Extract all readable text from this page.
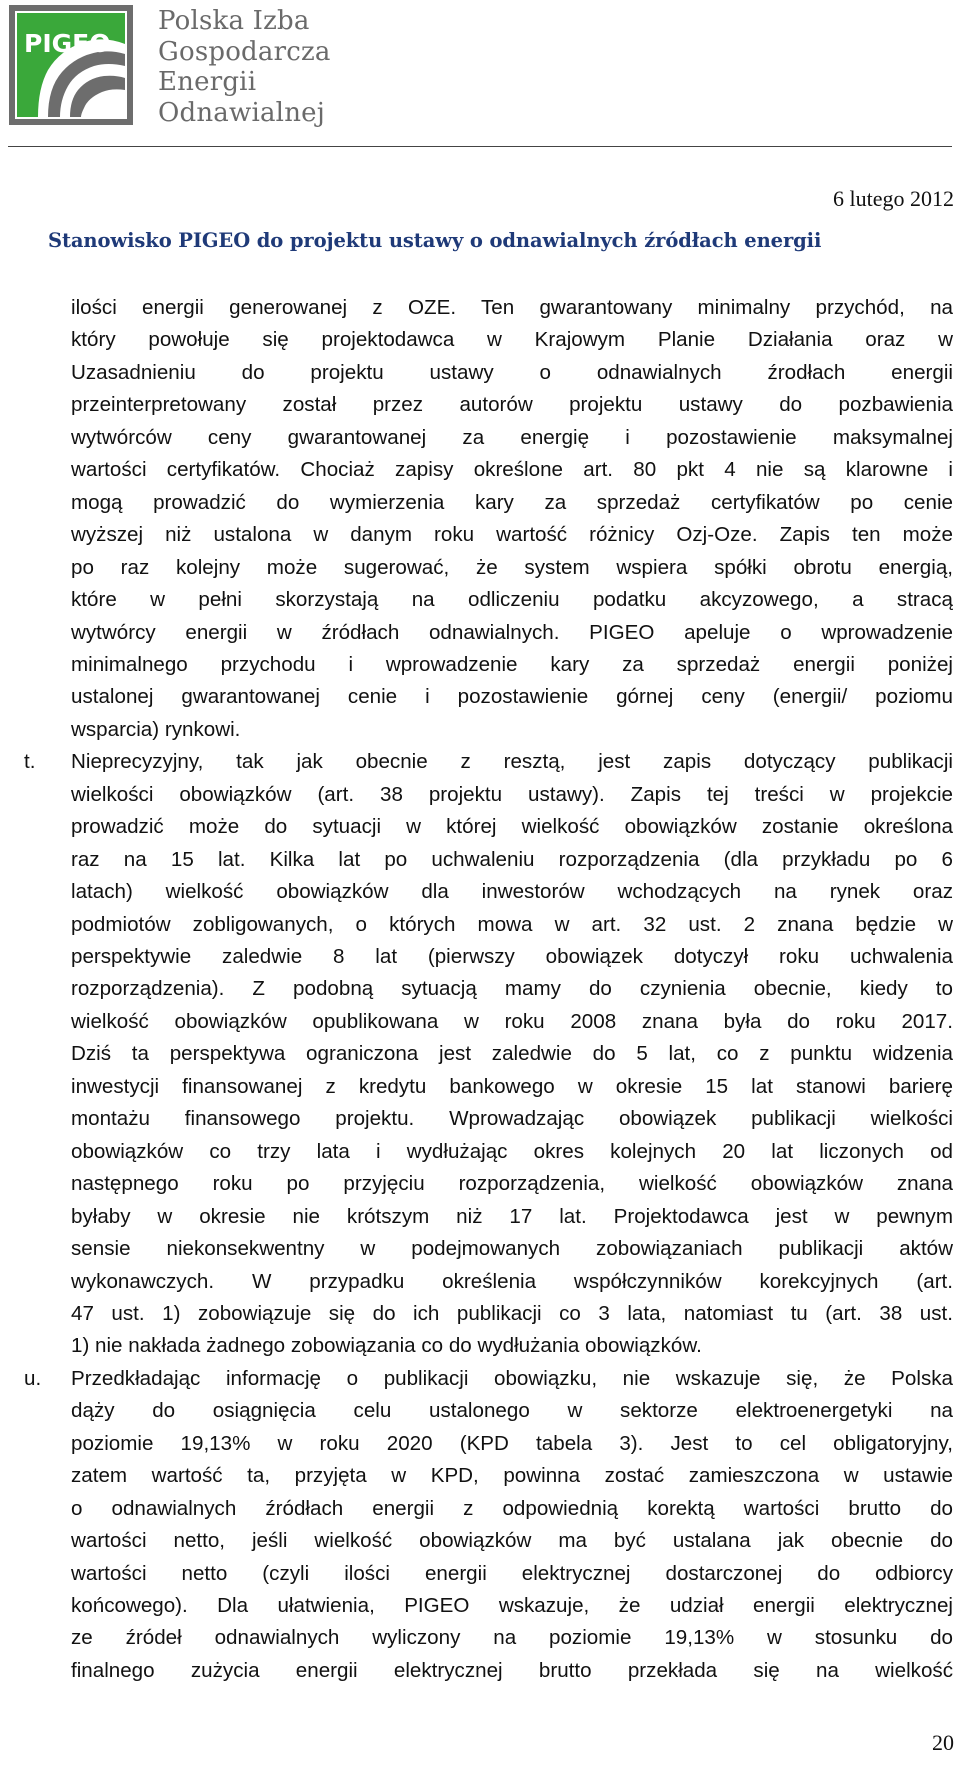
PIGEO
Polska Izba
Gospodarcza
Energii
Odnawialnej
6 lutego 2012
Stanowisko PIGEO do projektu ustawy o odnawialnych źródłach energii
ilości energii generowanej z OZE. Ten gwarantowany minimalny przychód, na
który powołuje się projektodawca w Krajowym Planie Działania oraz w
Uzasadnieniu do projektu ustawy o odnawialnych źrodłach energii
przeinterpretowany został przez autorów projektu ustawy do pozbawienia
wytwórców ceny gwarantowanej za energię i pozostawienie maksymalnej
wartości certyfikatów. Chociaż zapisy określone art. 80 pkt 4 nie są klarowne i
mogą prowadzić do wymierzenia kary za sprzedaż certyfikatów po cenie
wyższej niż ustalona w danym roku wartość różnicy Ozj-Oze. Zapis ten może
po raz kolejny może sugerować, że system wspiera spółki obrotu energią,
które w pełni skorzystają na odliczeniu podatku akcyzowego, a stracą
wytwórcy energii w źródłach odnawialnych. PIGEO apeluje o wprowadzenie
minimalnego przychodu i wprowadzenie kary za sprzedaż energii poniżej
ustalonej gwarantowanej cenie i pozostawienie górnej ceny (energii/ poziomu
wsparcia) rynkowi.
t.	Nieprecyzyjny, tak jak obecnie z resztą, jest zapis dotyczący publikacji
wielkości obowiązków (art. 38 projektu ustawy). Zapis tej treści w projekcie
prowadzić może do sytuacji w której wielkość obowiązków zostanie określona
raz na 15 lat. Kilka lat po uchwaleniu rozporządzenia (dla przykładu po 6
latach) wielkość obowiązków dla inwestorów wchodzących na rynek oraz
podmiotów zobligowanych, o których mowa w art. 32 ust. 2 znana będzie w
perspektywie zaledwie 8 lat (pierwszy obowiązek dotyczył roku uchwalenia
rozporządzenia). Z podobną sytuacją mamy do czynienia obecnie, kiedy to
wielkość obowiązków opublikowana w roku 2008 znana była do roku 2017.
Dziś ta perspektywa ograniczona jest zaledwie do 5 lat, co z punktu widzenia
inwestycji finansowanej z kredytu bankowego w okresie 15 lat stanowi barierę
montażu finansowego projektu. Wprowadzając obowiązek publikacji wielkości
obowiązków co trzy lata i wydłużając okres kolejnych 20 lat liczonych od
następnego roku po przyjęciu rozporządzenia, wielkość obowiązków znana
byłaby w okresie nie krótszym niż 17 lat. Projektodawca jest w pewnym
sensie niekonsekwentny w podejmowanych zobowiązaniach publikacji aktów
wykonawczych. W przypadku określenia współczynników korekcyjnych (art.
47 ust. 1) zobowiązuje się do ich publikacji co 3 lata, natomiast tu (art. 38 ust.
1) nie nakłada żadnego zobowiązania co do wydłużania obowiązków.
u.	Przedkładając informację o publikacji obowiązku, nie wskazuje się, że Polska
dąży do osiągnięcia celu ustalonego w sektorze elektroenergetyki na
poziomie 19,13% w roku 2020 (KPD tabela 3). Jest to cel obligatoryjny,
zatem wartość ta, przyjęta w KPD, powinna zostać zamieszczona w ustawie
o odnawialnych źródłach energii z odpowiednią korektą wartości brutto do
wartości netto, jeśli wielkość obowiązków ma być ustalana jak obecnie do
wartości netto (czyli ilości energii elektrycznej dostarczonej do odbiorcy
końcowego). Dla ułatwienia, PIGEO wskazuje, że udział energii elektrycznej
ze źródeł odnawialnych wyliczony na poziomie 19,13% w stosunku do
finalnego zużycia energii elektrycznej brutto przekłada się na wielkość
20
